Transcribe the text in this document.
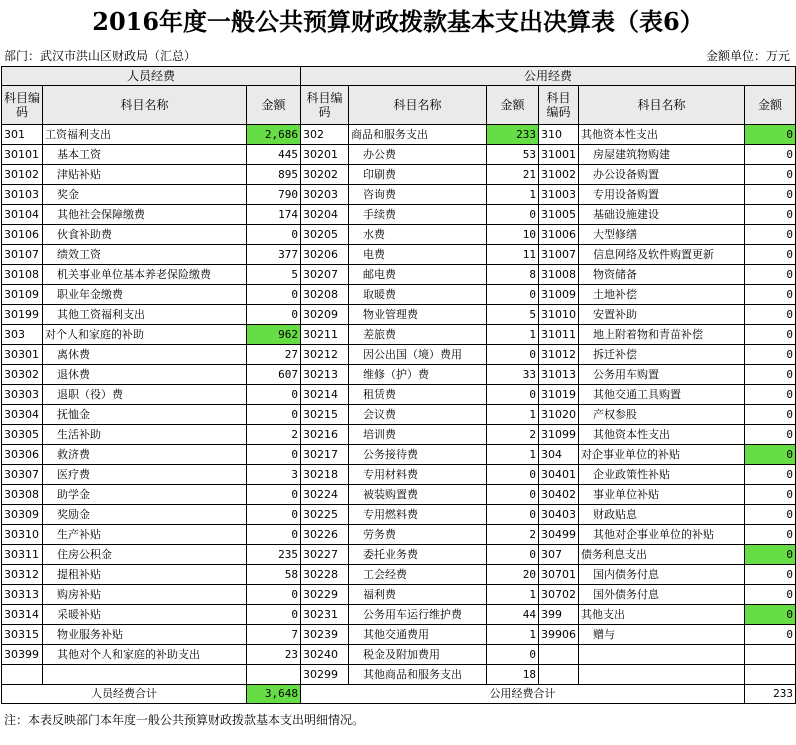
2016年度一般公共预算财政拨款基本支出决算表（表6）
部门：武汉市洪山区财政局（汇总）	金额单位：万元
人员经费			公用经费					
科目编码	科目名称	金额	科目编码	科目名称	金额	科目编码	科目名称	金额
301	工资福利支出	2,686	302	商品和服务支出	233	310	其他资本性支出	0
30101	基本工资	445	30201	办公费	53	31001	房屋建筑物购建	0
30102	津贴补贴	895	30202	印刷费	21	31002	办公设备购置	0
30103	奖金	790	30203	咨询费	1	31003	专用设备购置	0
30104	其他社会保障缴费	174	30204	手续费	0	31005	基础设施建设	0
30106	伙食补助费	0	30205	水费	10	31006	大型修缮	0
30107	绩效工资	377	30206	电费	11	31007	信息网络及软件购置更新	0
30108	机关事业单位基本养老保险缴费	5	30207	邮电费	8	31008	物资储备	0
30109	职业年金缴费	0	30208	取暖费	0	31009	土地补偿	0
30199	其他工资福利支出	0	30209	物业管理费	5	31010	安置补助	0
303	对个人和家庭的补助	962	30211	差旅费	1	31011	地上附着物和青苗补偿	0
30301	离休费	27	30212	因公出国（境）费用	0	31012	拆迁补偿	0
30302	退休费	607	30213	维修（护）费	33	31013	公务用车购置	0
30303	退职（役）费	0	30214	租赁费	0	31019	其他交通工具购置	0
30304	抚恤金	0	30215	会议费	1	31020	产权参股	0
30305	生活补助	2	30216	培训费	2	31099	其他资本性支出	0
30306	救济费	0	30217	公务接待费	1	304	对企事业单位的补贴	0
30307	医疗费	3	30218	专用材料费	0	30401	企业政策性补贴	0
30308	助学金	0	30224	被装购置费	0	30402	事业单位补贴	0
30309	奖励金	0	30225	专用燃料费	0	30403	财政贴息	0
30310	生产补贴	0	30226	劳务费	2	30499	其他对企事业单位的补贴	0
30311	住房公积金	235	30227	委托业务费	0	307	债务利息支出	0
30312	提租补贴	58	30228	工会经费	20	30701	国内债务付息	0
30313	购房补贴	0	30229	福利费	1	30702	国外债务付息	0
30314	采暖补贴	0	30231	公务用车运行维护费	44	399	其他支出	0
30315	物业服务补贴	7	30239	其他交通费用	1	39906	赠与	0
30399	其他对个人和家庭的补助支出	23	30240	税金及附加费用	0			
			30299	其他商品和服务支出	18			
人员经费合计		3,648	公用经费合计					233
注：本表反映部门本年度一般公共预算财政拨款基本支出明细情况。
